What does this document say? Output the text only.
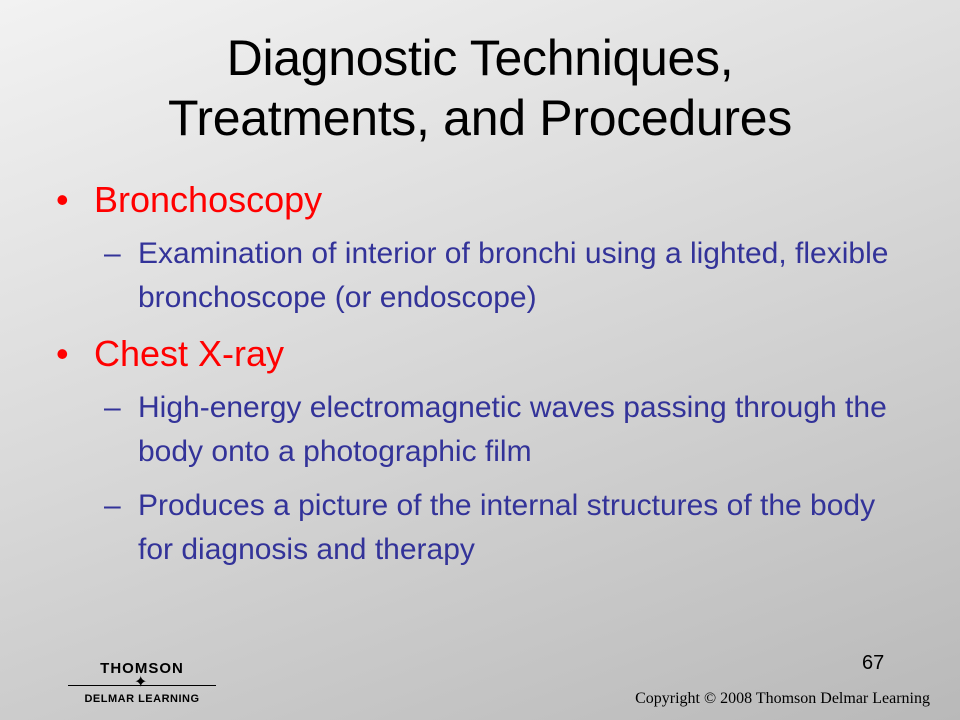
Diagnostic Techniques,
Treatments, and Procedures
• Bronchoscopy
– Examination of interior of bronchi using a lighted, flexible bronchoscope (or endoscope)
• Chest X-ray
– High-energy electromagnetic waves passing through the body onto a photographic film
– Produces a picture of the internal structures of the body for diagnosis and therapy
67
THOMSON
✦
DELMAR LEARNING	Copyright © 2008 Thomson Delmar Learning
